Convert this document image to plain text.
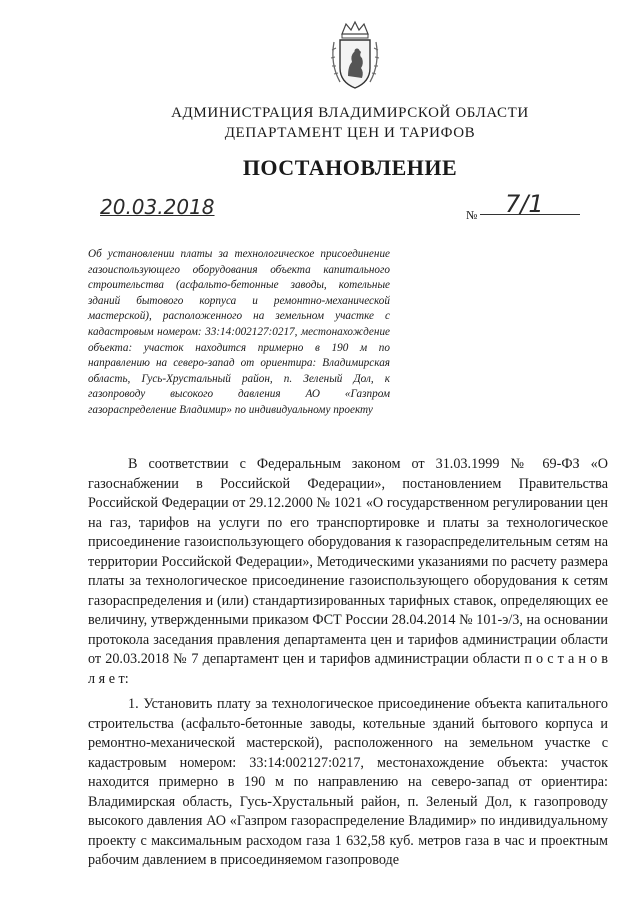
АДМИНИСТРАЦИЯ ВЛАДИМИРСКОЙ ОБЛАСТИ
ДЕПАРТАМЕНТ ЦЕН И ТАРИФОВ
ПОСТАНОВЛЕНИЕ
20.03.2018	№ 7/1
Об установлении платы за технологическое присоединение газоиспользующего оборудования объекта капитального строительства (асфальто-бетонные заводы, котельные зданий бытового корпуса и ремонтно-механической мастерской), расположенного на земельном участке с кадастровым номером: 33:14:002127:0217, местонахождение объекта: участок находится примерно в 190 м по направлению на северо-запад от ориентира: Владимирская область, Гусь-Хрустальный район, п. Зеленый Дол, к газопроводу высокого давления АО «Газпром газораспределение Владимир» по индивидуальному проекту

В соответствии с Федеральным законом от 31.03.1999 № 69-ФЗ «О газоснабжении в Российской Федерации», постановлением Правительства Российской Федерации от 29.12.2000 № 1021 «О государственном регулировании цен на газ, тарифов на услуги по его транспортировке и платы за технологическое присоединение газоиспользующего оборудования к газораспределительным сетям на территории Российской Федерации», Методическими указаниями по расчету размера платы за технологическое присоединение газоиспользующего оборудования к сетям газораспределения и (или) стандартизированных тарифных ставок, определяющих ее величину, утвержденными приказом ФСТ России 28.04.2014 № 101-э/3, на основании протокола заседания правления департамента цен и тарифов администрации области от 20.03.2018 № 7 департамент цен и тарифов администрации области п о с т а н о в л я е т:

1. Установить плату за технологическое присоединение объекта капитального строительства (асфальто-бетонные заводы, котельные зданий бытового корпуса и ремонтно-механической мастерской), расположенного на земельном участке с кадастровым номером: 33:14:002127:0217, местонахождение объекта: участок находится примерно в 190 м по направлению на северо-запад от ориентира: Владимирская область, Гусь-Хрустальный район, п. Зеленый Дол, к газопроводу высокого давления АО «Газпром газораспределение Владимир» по индивидуальному проекту с максимальным расходом газа 1 632,58 куб. метров газа в час и проектным рабочим давлением в присоединяемом газопроводе
